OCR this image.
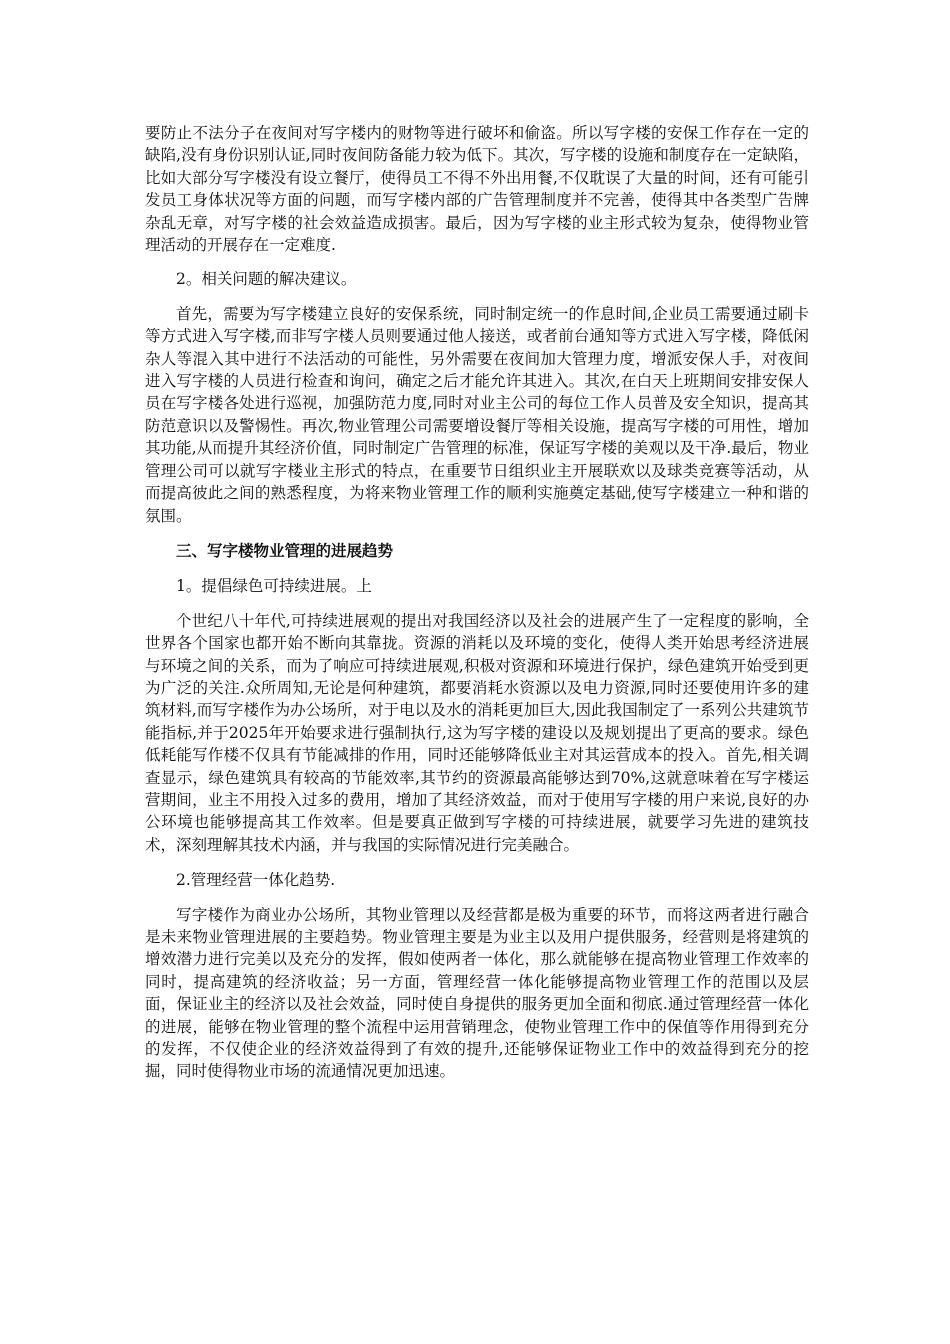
要防止不法分子在夜间对写字楼内的财物等进行破坏和偷盗。所以写字楼的安保工作存在一定的缺陷,没有身份识别认证,同时夜间防备能力较为低下。其次，写字楼的设施和制度存在一定缺陷，比如大部分写字楼没有设立餐厅，使得员工不得不外出用餐,不仅耽误了大量的时间，还有可能引发员工身体状况等方面的问题，而写字楼内部的广告管理制度并不完善，使得其中各类型广告牌杂乱无章，对写字楼的社会效益造成损害。最后，因为写字楼的业主形式较为复杂，使得物业管理活动的开展存在一定难度.

2。相关问题的解决建议。

首先，需要为写字楼建立良好的安保系统，同时制定统一的作息时间,企业员工需要通过刷卡等方式进入写字楼,而非写字楼人员则要通过他人接送，或者前台通知等方式进入写字楼，降低闲杂人等混入其中进行不法活动的可能性，另外需要在夜间加大管理力度，增派安保人手，对夜间进入写字楼的人员进行检查和询问，确定之后才能允许其进入。其次,在白天上班期间安排安保人员在写字楼各处进行巡视，加强防范力度,同时对业主公司的每位工作人员普及安全知识，提高其防范意识以及警惕性。再次,物业管理公司需要增设餐厅等相关设施，提高写字楼的可用性，增加其功能,从而提升其经济价值，同时制定广告管理的标准，保证写字楼的美观以及干净.最后，物业管理公司可以就写字楼业主形式的特点，在重要节日组织业主开展联欢以及球类竞赛等活动，从而提高彼此之间的熟悉程度，为将来物业管理工作的顺利实施奠定基础,使写字楼建立一种和谐的氛围。

三、写字楼物业管理的进展趋势

1。提倡绿色可持续进展。上

个世纪八十年代,可持续进展观的提出对我国经济以及社会的进展产生了一定程度的影响，全世界各个国家也都开始不断向其靠拢。资源的消耗以及环境的变化，使得人类开始思考经济进展与环境之间的关系，而为了响应可持续进展观,积极对资源和环境进行保护，绿色建筑开始受到更为广泛的关注.众所周知,无论是何种建筑，都要消耗水资源以及电力资源,同时还要使用许多的建筑材料,而写字楼作为办公场所，对于电以及水的消耗更加巨大,因此我国制定了一系列公共建筑节能指标,并于2025年开始要求进行强制执行,这为写字楼的建设以及规划提出了更高的要求。绿色低耗能写作楼不仅具有节能减排的作用，同时还能够降低业主对其运营成本的投入。首先,相关调查显示，绿色建筑具有较高的节能效率,其节约的资源最高能够达到70%,这就意味着在写字楼运营期间，业主不用投入过多的费用，增加了其经济效益，而对于使用写字楼的用户来说,良好的办公环境也能够提高其工作效率。但是要真正做到写字楼的可持续进展，就要学习先进的建筑技术，深刻理解其技术内涵，并与我国的实际情况进行完美融合。

2.管理经营一体化趋势.

写字楼作为商业办公场所，其物业管理以及经营都是极为重要的环节，而将这两者进行融合是未来物业管理进展的主要趋势。物业管理主要是为业主以及用户提供服务，经营则是将建筑的增效潜力进行完美以及充分的发挥，假如使两者一体化，那么就能够在提高物业管理工作效率的同时，提高建筑的经济收益；另一方面，管理经营一体化能够提高物业管理工作的范围以及层面，保证业主的经济以及社会效益，同时使自身提供的服务更加全面和彻底.通过管理经营一体化的进展，能够在物业管理的整个流程中运用营销理念，使物业管理工作中的保值等作用得到充分的发挥，不仅使企业的经济效益得到了有效的提升,还能够保证物业工作中的效益得到充分的挖掘，同时使得物业市场的流通情况更加迅速。
